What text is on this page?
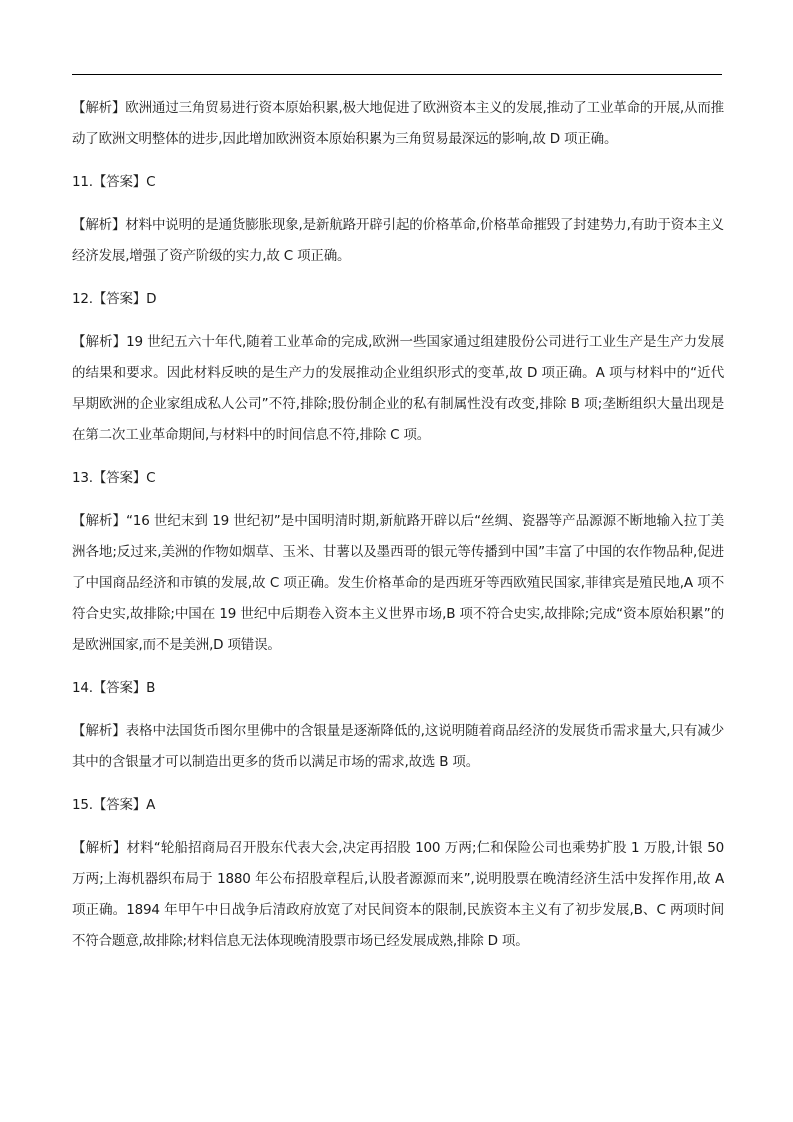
【解析】欧洲通过三角贸易进行资本原始积累,极大地促进了欧洲资本主义的发展,推动了工业革命的开展,从而推动了欧洲文明整体的进步,因此增加欧洲资本原始积累为三角贸易最深远的影响,故 D 项正确。

11.【答案】C

【解析】材料中说明的是通货膨胀现象,是新航路开辟引起的价格革命,价格革命摧毁了封建势力,有助于资本主义经济发展,增强了资产阶级的实力,故 C 项正确。

12.【答案】D

【解析】19 世纪五六十年代,随着工业革命的完成,欧洲一些国家通过组建股份公司进行工业生产是生产力发展的结果和要求。因此材料反映的是生产力的发展推动企业组织形式的变革,故 D 项正确。A 项与材料中的“近代早期欧洲的企业家组成私人公司”不符,排除;股份制企业的私有制属性没有改变,排除 B 项;垄断组织大量出现是在第二次工业革命期间,与材料中的时间信息不符,排除 C 项。

13.【答案】C

【解析】“16 世纪末到 19 世纪初”是中国明清时期,新航路开辟以后“丝绸、瓷器等产品源源不断地输入拉丁美洲各地;反过来,美洲的作物如烟草、玉米、甘薯以及墨西哥的银元等传播到中国”丰富了中国的农作物品种,促进了中国商品经济和市镇的发展,故 C 项正确。发生价格革命的是西班牙等西欧殖民国家,菲律宾是殖民地,A 项不符合史实,故排除;中国在 19 世纪中后期卷入资本主义世界市场,B 项不符合史实,故排除;完成“资本原始积累”的是欧洲国家,而不是美洲,D 项错误。

14.【答案】B

【解析】表格中法国货币图尔里佛中的含银量是逐渐降低的,这说明随着商品经济的发展货币需求量大,只有减少其中的含银量才可以制造出更多的货币以满足市场的需求,故选 B 项。

15.【答案】A

【解析】材料“轮船招商局召开股东代表大会,决定再招股 100 万两;仁和保险公司也乘势扩股 1 万股,计银 50 万两;上海机器织布局于 1880 年公布招股章程后,认股者源源而来”,说明股票在晚清经济生活中发挥作用,故 A 项正确。1894 年甲午中日战争后清政府放宽了对民间资本的限制,民族资本主义有了初步发展,B、C 两项时间不符合题意,故排除;材料信息无法体现晚清股票市场已经发展成熟,排除 D 项。
